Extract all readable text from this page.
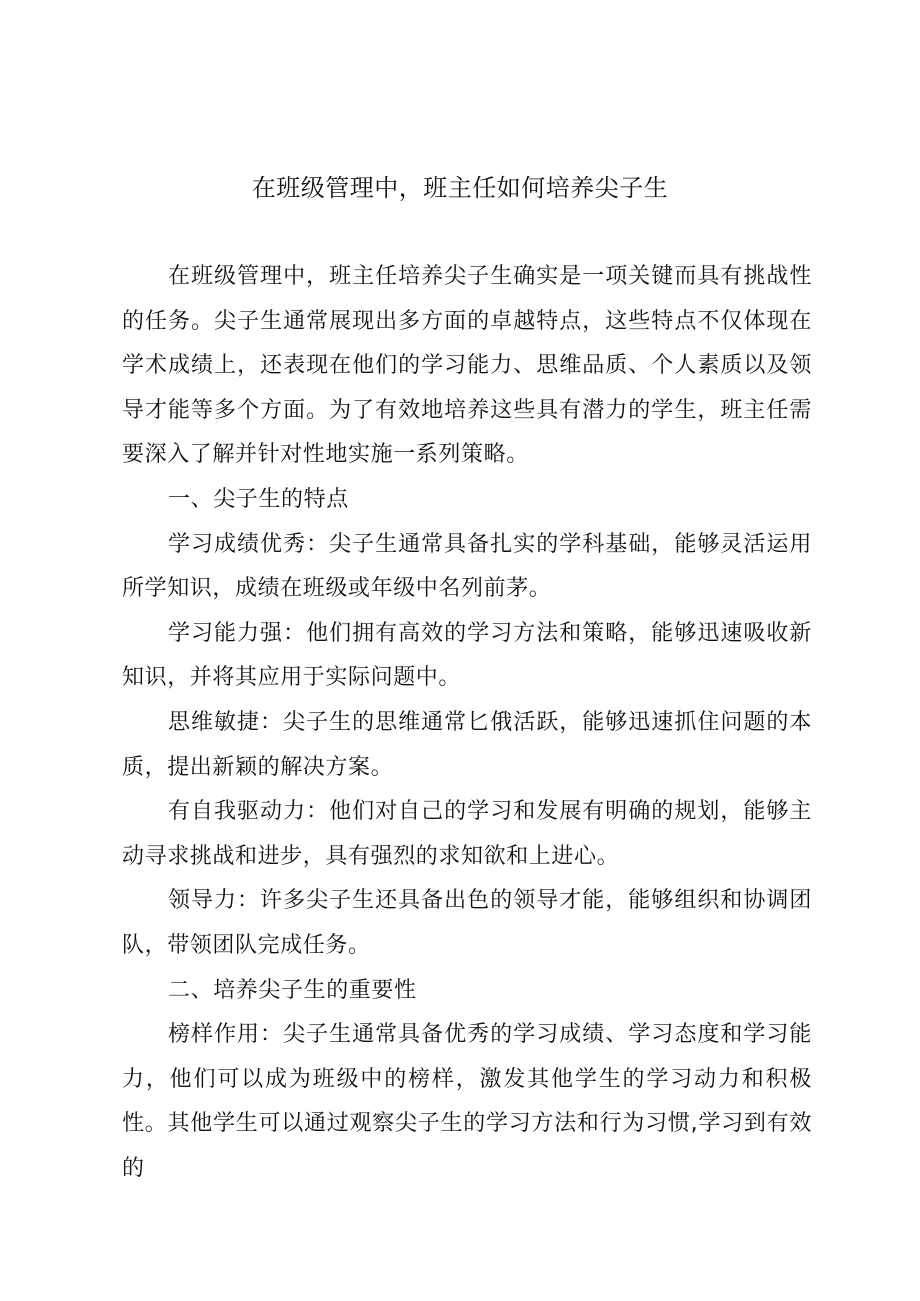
在班级管理中，班主任如何培养尖子生

在班级管理中，班主任培养尖子生确实是一项关键而具有挑战性的任务。尖子生通常展现出多方面的卓越特点，这些特点不仅体现在学术成绩上，还表现在他们的学习能力、思维品质、个人素质以及领导才能等多个方面。为了有效地培养这些具有潜力的学生，班主任需要深入了解并针对性地实施一系列策略。

一、尖子生的特点

学习成绩优秀：尖子生通常具备扎实的学科基础，能够灵活运用所学知识，成绩在班级或年级中名列前茅。

学习能力强：他们拥有高效的学习方法和策略，能够迅速吸收新知识，并将其应用于实际问题中。

思维敏捷：尖子生的思维通常匕俄活跃，能够迅速抓住问题的本质，提出新颖的解决方案。

有自我驱动力：他们对自己的学习和发展有明确的规划，能够主动寻求挑战和进步，具有强烈的求知欲和上进心。

领导力：许多尖子生还具备出色的领导才能，能够组织和协调团队，带领团队完成任务。

二、培养尖子生的重要性

榜样作用：尖子生通常具备优秀的学习成绩、学习态度和学习能力，他们可以成为班级中的榜样，激发其他学生的学习动力和积极性。其他学生可以通过观察尖子生的学习方法和行为习惯,学习到有效的
